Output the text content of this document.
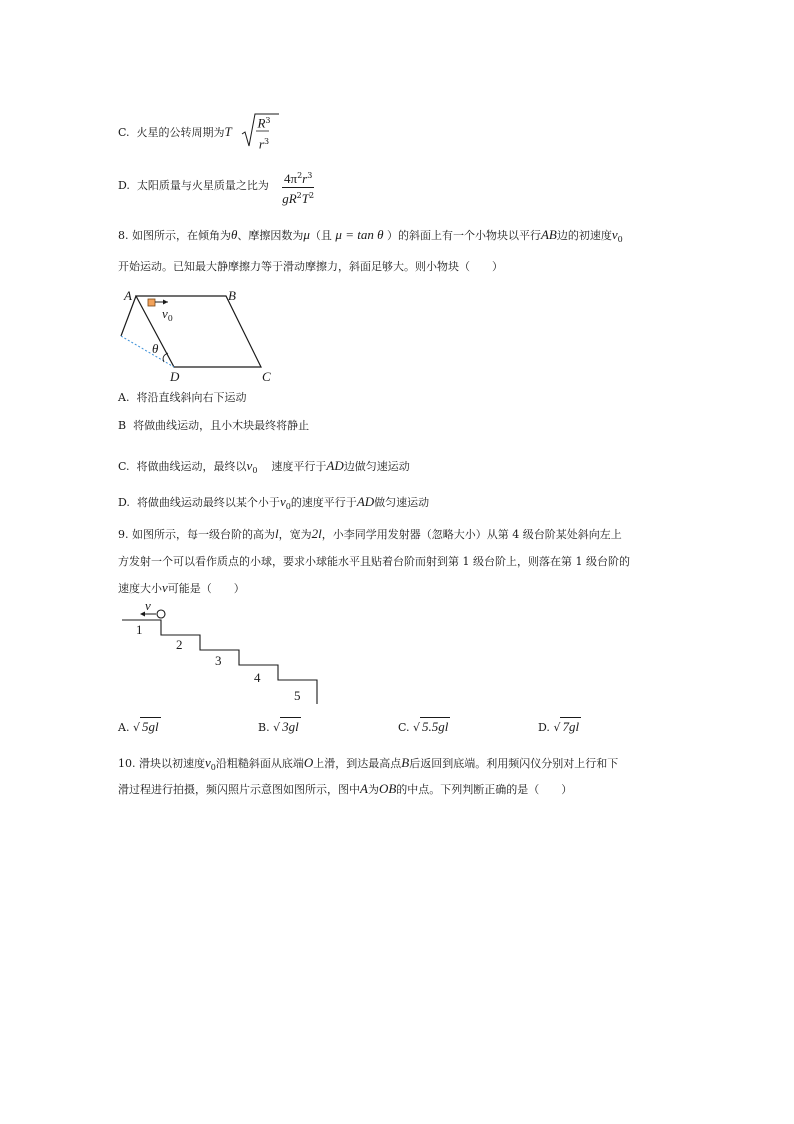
C. 火星的公转周期为T
$R^3$
$r^3$
D. 太阳质量与火星质量之比为 $4\pi^2r^3$
$gR^2T^2$
8. 如图所示，在倾角为θ、摩擦因数为μ（且 μ = tan θ ）的斜面上有一个小物块以平行AB边的初速度$v_0$
开始运动。已知最大静摩擦力等于滑动摩擦力，斜面足够大。则小物块（　　）
A	B
C
D
$v_0$
θ
A. 将沿直线斜向右下运动
B 将做曲线运动，且小木块最终将静止
C. 将做曲线运动，最终以$v_0$ 速度平行于AD边做匀速运动
D. 将做曲线运动最终以某个小于$v_0$的速度平行于AD做匀速运动
9. 如图所示，每一级台阶的高为l，宽为2l，小李同学用发射器（忽略大小）从第 4 级台阶某处斜向左上
方发射一个可以看作质点的小球，要求小球能水平且贴着台阶而射到第 1 级台阶上，则落在第 1 级台阶的
速度大小v可能是（　　）
v
1
2
3
4
5
A. √ 5gl	B. √ 3gl	C. √ 5.5gl	D. √ 7gl
10. 滑块以初速度$v_0$沿粗糙斜面从底端O上滑，到达最高点B后返回到底端。利用频闪仪分别对上行和下
滑过程进行拍摄，频闪照片示意图如图所示，图中A为OB的中点。下列判断正确的是（　　）
